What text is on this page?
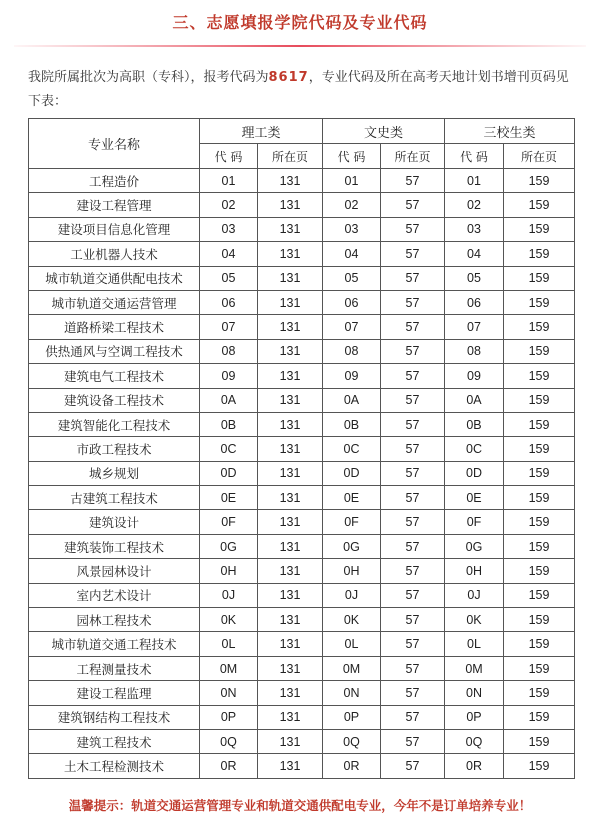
三、志愿填报学院代码及专业代码
我院所属批次为高职（专科），报考代码为8617，专业代码及所在高考天地计划书增刊页码见下表：
专业名称	理工类		文史类		三校生类	
	代 码	所在页	代 码	所在页	代 码	所在页
工程造价	01	131	01	57	01	159
建设工程管理	02	131	02	57	02	159
建设项目信息化管理	03	131	03	57	03	159
工业机器人技术	04	131	04	57	04	159
城市轨道交通供配电技术	05	131	05	57	05	159
城市轨道交通运营管理	06	131	06	57	06	159
道路桥梁工程技术	07	131	07	57	07	159
供热通风与空调工程技术	08	131	08	57	08	159
建筑电气工程技术	09	131	09	57	09	159
建筑设备工程技术	0A	131	0A	57	0A	159
建筑智能化工程技术	0B	131	0B	57	0B	159
市政工程技术	0C	131	0C	57	0C	159
城乡规划	0D	131	0D	57	0D	159
古建筑工程技术	0E	131	0E	57	0E	159
建筑设计	0F	131	0F	57	0F	159
建筑装饰工程技术	0G	131	0G	57	0G	159
风景园林设计	0H	131	0H	57	0H	159
室内艺术设计	0J	131	0J	57	0J	159
园林工程技术	0K	131	0K	57	0K	159
城市轨道交通工程技术	0L	131	0L	57	0L	159
工程测量技术	0M	131	0M	57	0M	159
建设工程监理	0N	131	0N	57	0N	159
建筑钢结构工程技术	0P	131	0P	57	0P	159
建筑工程技术	0Q	131	0Q	57	0Q	159
土木工程检测技术	0R	131	0R	57	0R	159
温馨提示：轨道交通运营管理专业和轨道交通供配电专业，今年不是订单培养专业！
